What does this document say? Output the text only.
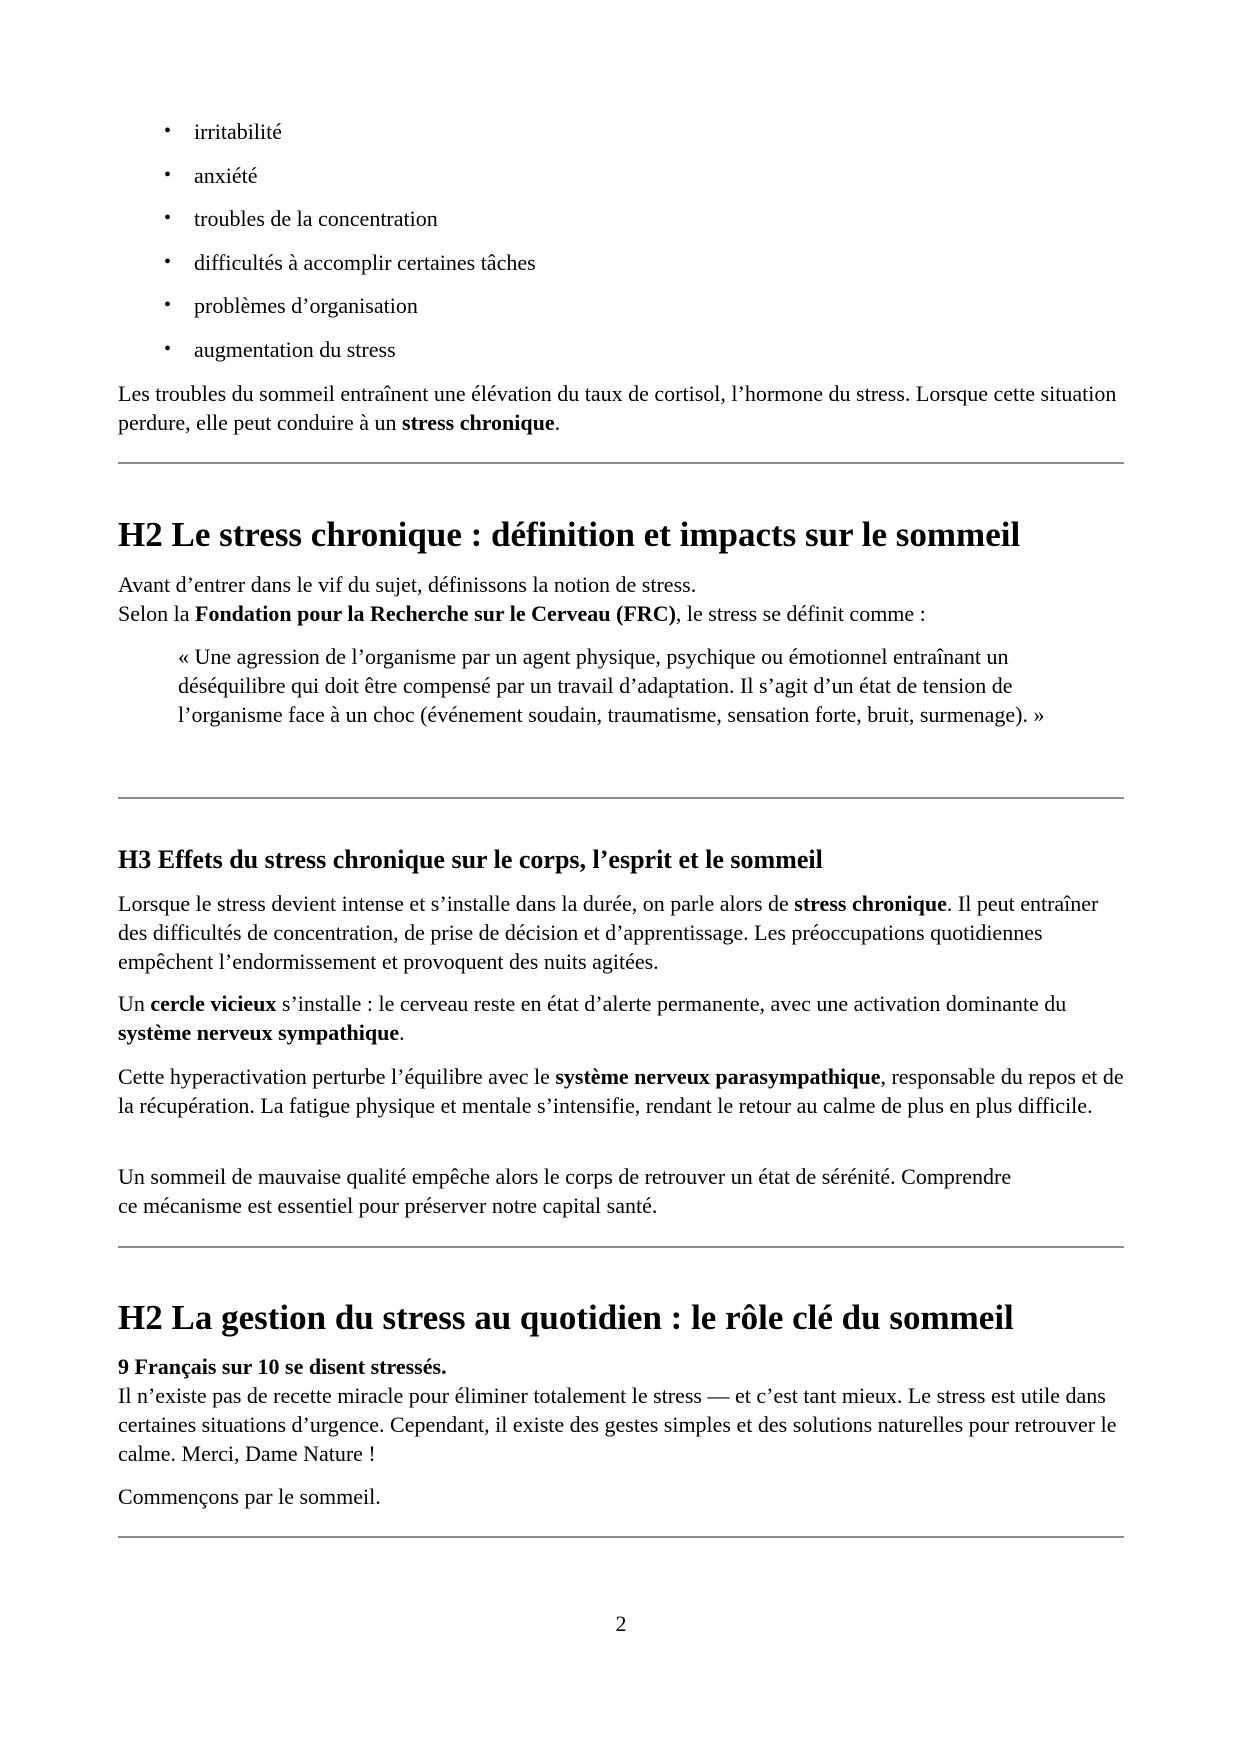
• irritabilité
• anxiété
• troubles de la concentration
• difficultés à accomplir certaines tâches
• problèmes d’organisation
• augmentation du stress

Les troubles du sommeil entraînent une élévation du taux de cortisol, l’hormone du stress. Lorsque cette situation perdure, elle peut conduire à un stress chronique.

H2 Le stress chronique : définition et impacts sur le sommeil

Avant d’entrer dans le vif du sujet, définissons la notion de stress.
Selon la Fondation pour la Recherche sur le Cerveau (FRC), le stress se définit comme :

« Une agression de l’organisme par un agent physique, psychique ou émotionnel entraînant un déséquilibre qui doit être compensé par un travail d’adaptation. Il s’agit d’un état de tension de l’organisme face à un choc (événement soudain, traumatisme, sensation forte, bruit, surmenage). »
H3 Effets du stress chronique sur le corps, l’esprit et le sommeil

Lorsque le stress devient intense et s’installe dans la durée, on parle alors de stress chronique. Il peut entraîner des difficultés de concentration, de prise de décision et d’apprentissage. Les préoccupations quotidiennes empêchent l’endormissement et provoquent des nuits agitées.

Un cercle vicieux s’installe : le cerveau reste en état d’alerte permanente, avec une activation dominante du système nerveux sympathique.

Cette hyperactivation perturbe l’équilibre avec le système nerveux parasympathique, responsable du repos et de la récupération. La fatigue physique et mentale s’intensifie, rendant le retour au calme de plus en plus difficile.

Un sommeil de mauvaise qualité empêche alors le corps de retrouver un état de sérénité. Comprendre ce mécanisme est essentiel pour préserver notre capital santé.

H2 La gestion du stress au quotidien : le rôle clé du sommeil

9 Français sur 10 se disent stressés.
Il n’existe pas de recette miracle pour éliminer totalement le stress — et c’est tant mieux. Le stress est utile dans certaines situations d’urgence. Cependant, il existe des gestes simples et des solutions naturelles pour retrouver le calme. Merci, Dame Nature !

Commençons par le sommeil.

2
